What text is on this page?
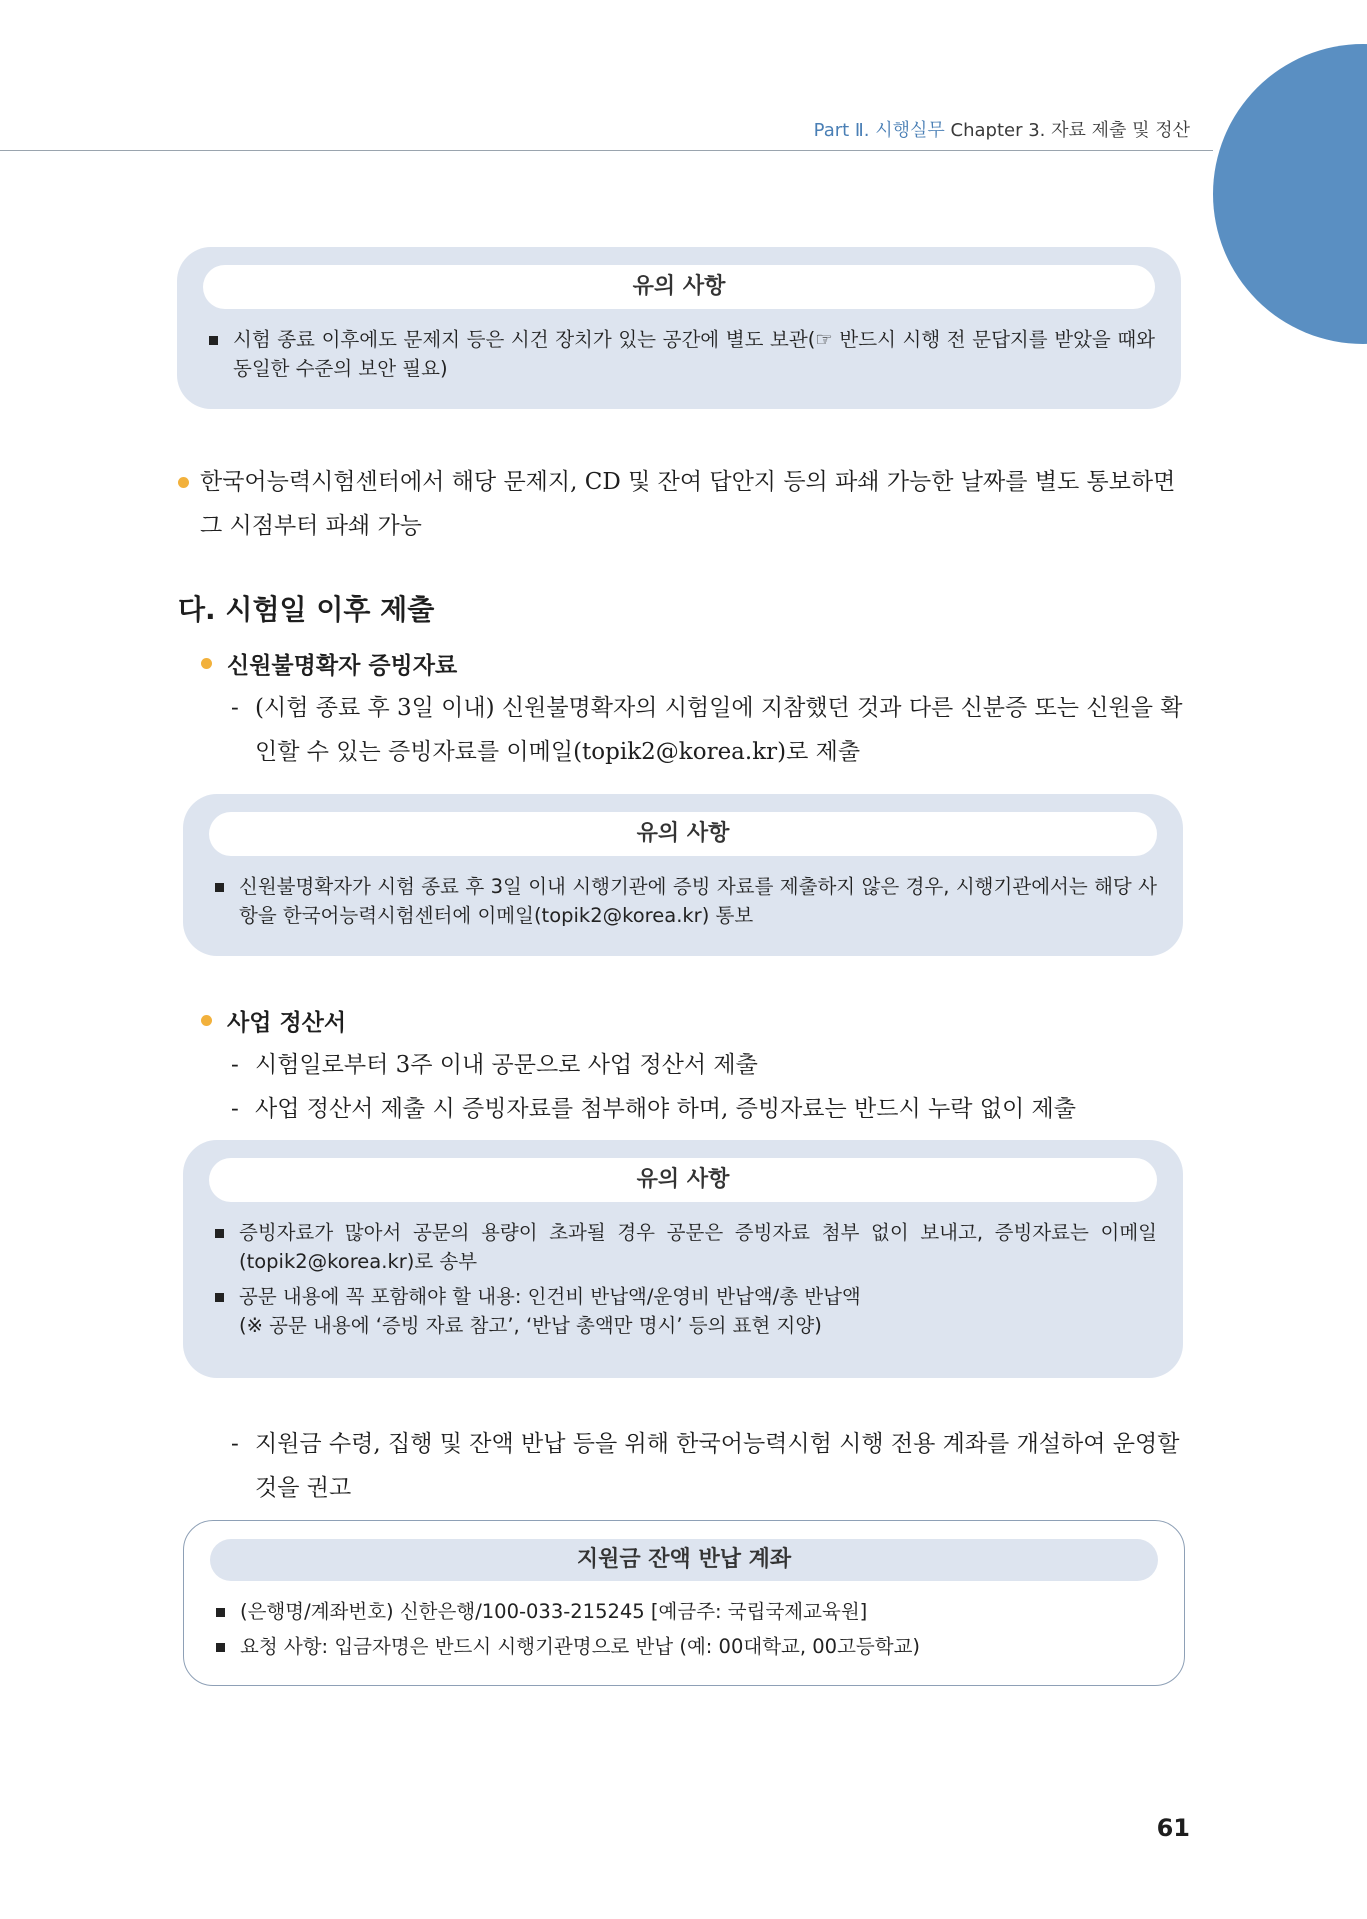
Part Ⅱ. 시행실무 Chapter 3. 자료 제출 및 정산
유의 사항
시험 종료 이후에도 문제지 등은 시건 장치가 있는 공간에 별도 보관(☞ 반드시 시행 전 문답지를 받았을 때와 동일한 수준의 보안 필요)
한국어능력시험센터에서 해당 문제지, CD 및 잔여 답안지 등의 파쇄 가능한 날짜를 별도 통보하면 그 시점부터 파쇄 가능
다. 시험일 이후 제출
신원불명확자 증빙자료
- (시험 종료 후 3일 이내) 신원불명확자의 시험일에 지참했던 것과 다른 신분증 또는 신원을 확인할 수 있는 증빙자료를 이메일(topik2@korea.kr)로 제출
유의 사항
신원불명확자가 시험 종료 후 3일 이내 시행기관에 증빙 자료를 제출하지 않은 경우, 시행기관에서는 해당 사항을 한국어능력시험센터에 이메일(topik2@korea.kr) 통보
사업 정산서
- 시험일로부터 3주 이내 공문으로 사업 정산서 제출
- 사업 정산서 제출 시 증빙자료를 첨부해야 하며, 증빙자료는 반드시 누락 없이 제출
유의 사항
증빙자료가 많아서 공문의 용량이 초과될 경우 공문은 증빙자료 첨부 없이 보내고, 증빙자료는 이메일(topik2@korea.kr)로 송부
공문 내용에 꼭 포함해야 할 내용: 인건비 반납액/운영비 반납액/총 반납액
(※ 공문 내용에 ‘증빙 자료 참고’, ‘반납 총액만 명시’ 등의 표현 지양)
- 지원금 수령, 집행 및 잔액 반납 등을 위해 한국어능력시험 시행 전용 계좌를 개설하여 운영할 것을 권고
지원금 잔액 반납 계좌
(은행명/계좌번호) 신한은행/100-033-215245 [예금주: 국립국제교육원]
요청 사항: 입금자명은 반드시 시행기관명으로 반납 (예: 00대학교, 00고등학교)
61
